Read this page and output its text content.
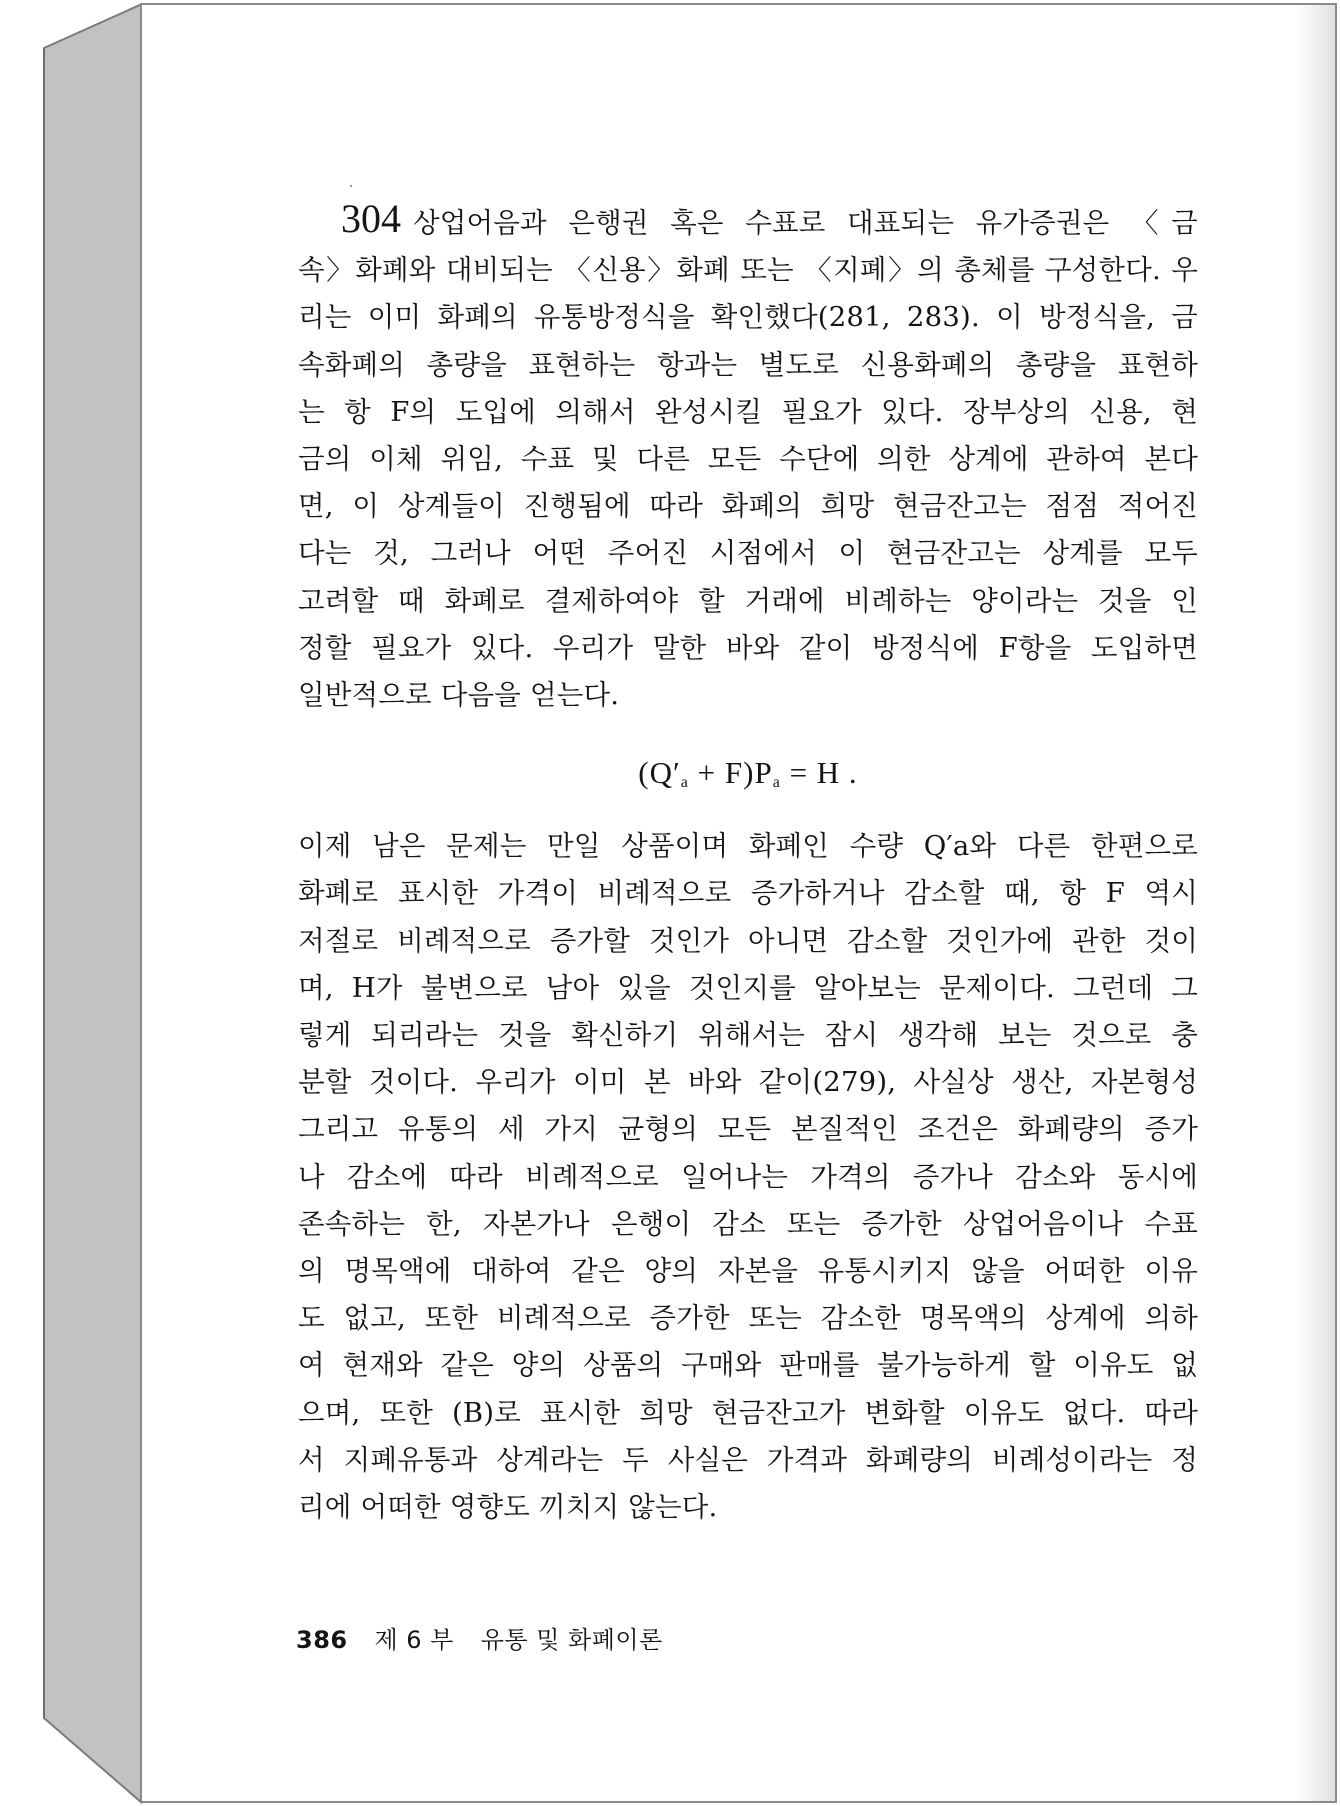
304 상업어음과 은행권 혹은 수표로 대표되는 유가증권은 〈금
속〉화폐와 대비되는 〈신용〉화폐 또는 〈지폐〉의 총체를 구성한다. 우
리는 이미 화폐의 유통방정식을 확인했다(281, 283). 이 방정식을, 금
속화폐의 총량을 표현하는 항과는 별도로 신용화폐의 총량을 표현하
는 항 F의 도입에 의해서 완성시킬 필요가 있다. 장부상의 신용, 현
금의 이체 위임, 수표 및 다른 모든 수단에 의한 상계에 관하여 본다
면, 이 상계들이 진행됨에 따라 화폐의 희망 현금잔고는 점점 적어진
다는 것, 그러나 어떤 주어진 시점에서 이 현금잔고는 상계를 모두
고려할 때 화폐로 결제하여야 할 거래에 비례하는 양이라는 것을 인
정할 필요가 있다. 우리가 말한 바와 같이 방정식에 F항을 도입하면
일반적으로 다음을 얻는다.

$(Q'_a + F)P_a = H$ .

이제 남은 문제는 만일 상품이며 화폐인 수량 Q′a와 다른 한편으로
화폐로 표시한 가격이 비례적으로 증가하거나 감소할 때, 항 F 역시
저절로 비례적으로 증가할 것인가 아니면 감소할 것인가에 관한 것이
며, H가 불변으로 남아 있을 것인지를 알아보는 문제이다. 그런데 그
렇게 되리라는 것을 확신하기 위해서는 잠시 생각해 보는 것으로 충
분할 것이다. 우리가 이미 본 바와 같이(279), 사실상 생산, 자본형성
그리고 유통의 세 가지 균형의 모든 본질적인 조건은 화폐량의 증가
나 감소에 따라 비례적으로 일어나는 가격의 증가나 감소와 동시에
존속하는 한, 자본가나 은행이 감소 또는 증가한 상업어음이나 수표
의 명목액에 대하여 같은 양의 자본을 유통시키지 않을 어떠한 이유
도 없고, 또한 비례적으로 증가한 또는 감소한 명목액의 상계에 의하
여 현재와 같은 양의 상품의 구매와 판매를 불가능하게 할 이유도 없
으며, 또한 (B)로 표시한 희망 현금잔고가 변화할 이유도 없다. 따라
서 지폐유통과 상계라는 두 사실은 가격과 화폐량의 비례성이라는 정
리에 어떠한 영향도 끼치지 않는다.

386 제 6 부 유통 및 화폐이론
